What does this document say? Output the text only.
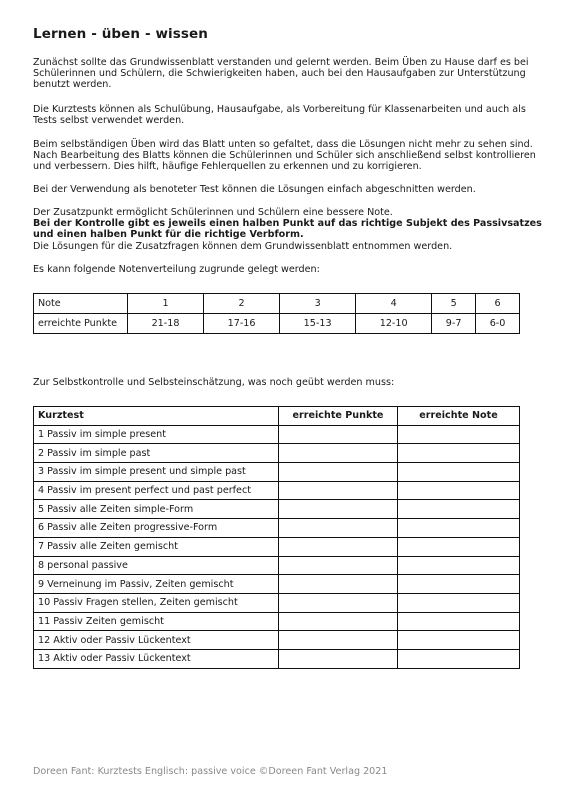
Lernen - üben - wissen

Zunächst sollte das Grundwissenblatt verstanden und gelernt werden. Beim Üben zu Hause darf es bei Schülerinnen und Schülern, die Schwierigkeiten haben, auch bei den Hausaufgaben zur Unterstützung benutzt werden.

Die Kurztests können als Schulübung, Hausaufgabe, als Vorbereitung für Klassenarbeiten und auch als Tests selbst verwendet werden.

Beim selbständigen Üben wird das Blatt unten so gefaltet, dass die Lösungen nicht mehr zu sehen sind. Nach Bearbeitung des Blatts können die Schülerinnen und Schüler sich anschließend selbst kontrollieren und verbessern. Dies hilft, häufige Fehlerquellen zu erkennen und zu korrigieren.

Bei der Verwendung als benoteter Test können die Lösungen einfach abgeschnitten werden.

Der Zusatzpunkt ermöglicht Schülerinnen und Schülern eine bessere Note.
Bei der Kontrolle gibt es jeweils einen halben Punkt auf das richtige Subjekt des Passivsatzes und einen halben Punkt für die richtige Verbform.
Die Lösungen für die Zusatzfragen können dem Grundwissenblatt entnommen werden.

Es kann folgende Notenverteilung zugrunde gelegt werden:

Note	1	2	3	4	5	6
erreichte Punkte	21-18	17-16	15-13	12-10	9-7	6-0

Zur Selbstkontrolle und Selbsteinschätzung, was noch geübt werden muss:

Kurztest	erreichte Punkte	erreichte Note
1 Passiv im simple present		
2 Passiv im simple past		
3 Passiv im simple present und simple past		
4 Passiv im present perfect und past perfect		
5 Passiv alle Zeiten simple-Form		
6 Passiv alle Zeiten progressive-Form		
7 Passiv alle Zeiten gemischt		
8 personal passive		
9 Verneinung im Passiv, Zeiten gemischt		
10 Passiv Fragen stellen, Zeiten gemischt		
11 Passiv Zeiten gemischt		
12 Aktiv oder Passiv Lückentext		
13 Aktiv oder Passiv Lückentext		

Doreen Fant: Kurztests Englisch: passive voice ©Doreen Fant Verlag 2021
